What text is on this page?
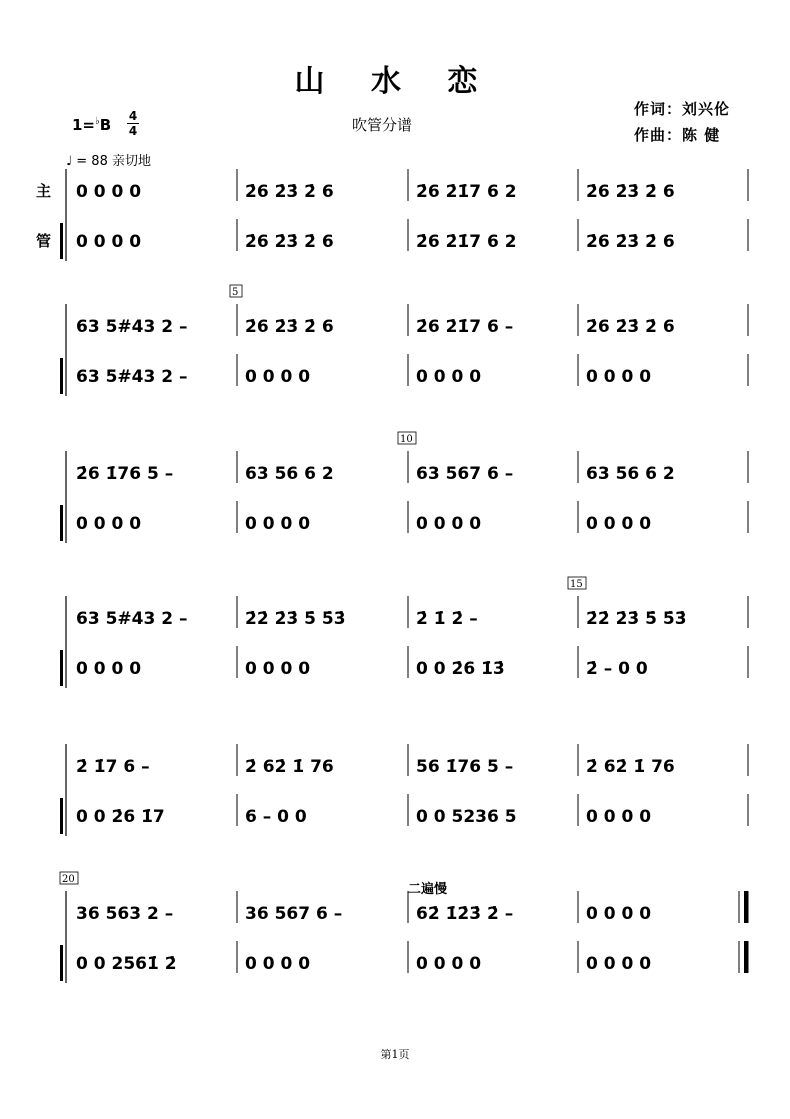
山 水 恋
吹管分谱
作词：刘兴伦
作曲：陈 健
1=♭B 4
4
♩ = 88 亲切地
主
管
二遍慢
第1页
0 0 0 0	2̇6 2̇3̇ 2̇ 6	2̇6 2̇1̇7 6 2	2̇6 2̇3̇ 2̇ 6
0 0 0 0	2̇6 2̇3̇ 2̇ 6	2̇6 2̇1̇7 6 2	2̇6 2̇3̇ 2̇ 6
63 5#43 2 –	2̇6 2̇3̇ 2̇ 6	2̇6 2̇1̇7 6 –	2̇6 2̇3̇ 2̇ 6
63 5#43 2 –	0 0 0 0	0 0 0 0	0 0 0 0
5
2̇6 1̇76 5 –	63 56 6 2	63 567 6 –	63 56 6 2
0 0 0 0	0 0 0 0	0 0 0 0	0 0 0 0
10
63 5#43 2 –	2̇2̇ 2̇3̇ 5̇ 5̇3̇	2̇ 1̇ 2̇ –	2̇2̇ 2̇3̇ 5̇ 5̇3̇
0 0 0 0	0 0 0 0	0 0 2̇6 1̇3̇	2̇ – 0 0
15
2̇ 1̇7 6 –	2̇ 62̇ 1̇ 76	56 1̇76 5 –	2̇ 62̇ 1̇ 76
0 0 2̇6 1̇7	6 – 0 0	0 0 5236 5	0 0 0 0
36 563 2 –	36 567 6 –	62̇ 1̇2̇3̇ 2̇ –	0 0 0 0
0 0 2561̇ 2̇	0 0 0 0	0 0 0 0	0 0 0 0
20
